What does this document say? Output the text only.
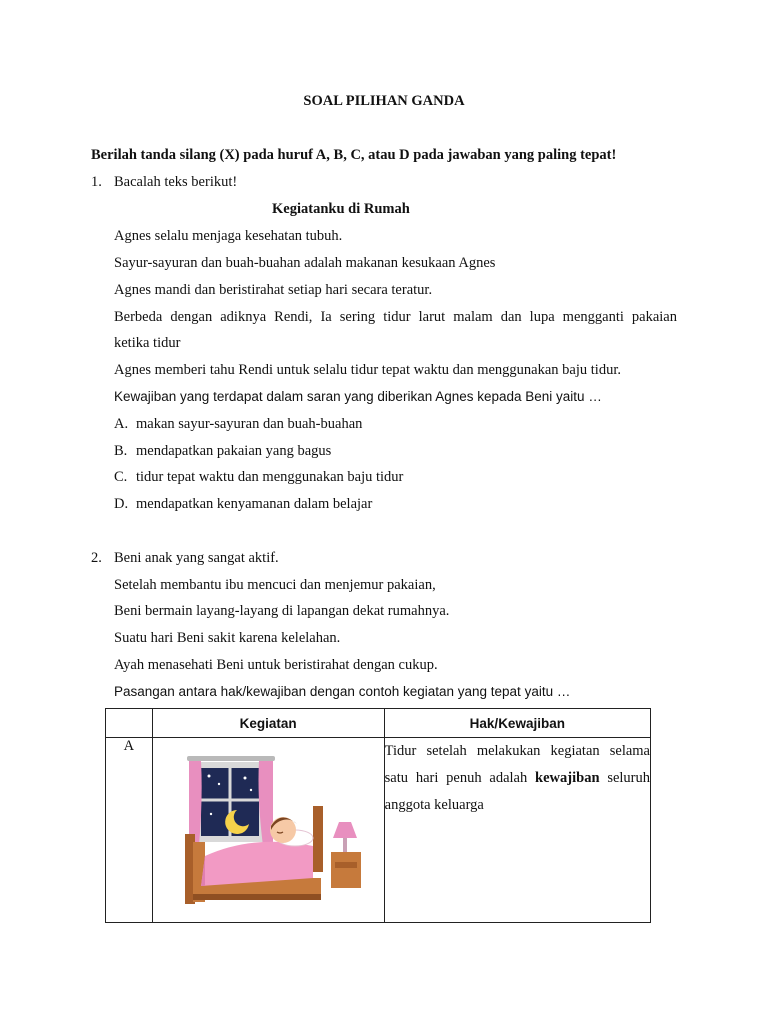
SOAL PILIHAN GANDA
Berilah tanda silang (X) pada huruf A, B, C, atau D pada jawaban yang paling tepat!
1. Bacalah teks berikut!
Kegiatanku di Rumah
Agnes selalu menjaga kesehatan tubuh.
Sayur-sayuran dan buah-buahan adalah makanan kesukaan Agnes
Agnes mandi dan beristirahat setiap hari secara teratur.
Berbeda dengan adiknya Rendi, Ia sering tidur larut malam dan lupa mengganti pakaian
ketika tidur
Agnes memberi tahu Rendi untuk selalu tidur tepat waktu dan menggunakan baju tidur.
Kewajiban yang terdapat dalam saran yang diberikan Agnes kepada Beni yaitu …
A. makan sayur-sayuran dan buah-buahan
B. mendapatkan pakaian yang bagus
C. tidur tepat waktu dan menggunakan baju tidur
D. mendapatkan kenyamanan dalam belajar
2. Beni anak yang sangat aktif.
Setelah membantu ibu mencuci dan menjemur pakaian,
Beni bermain layang-layang di lapangan dekat rumahnya.
Suatu hari Beni sakit karena kelelahan.
Ayah menasehati Beni untuk beristirahat dengan cukup.
Pasangan antara hak/kewajiban dengan contoh kegiatan yang tepat yaitu …
	Kegiatan	Hak/Kewajiban
A		Tidur setelah melakukan kegiatan selama satu hari penuh adalah kewajiban seluruh anggota keluarga
